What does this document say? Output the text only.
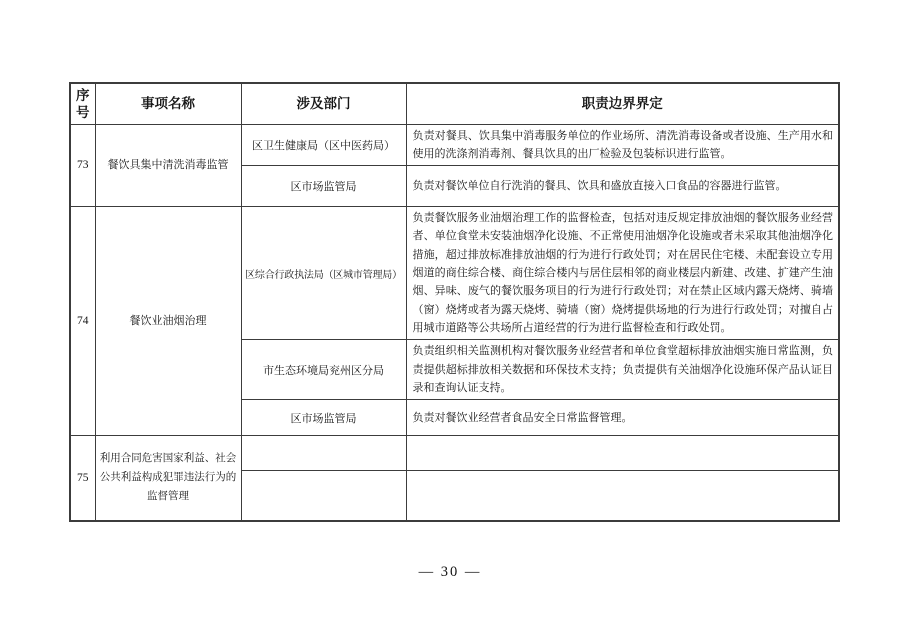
序号	事项名称	涉及部门	职责边界界定
73	餐饮具集中清洗消毒监管	区卫生健康局（区中医药局）	负责对餐具、饮具集中消毒服务单位的作业场所、清洗消毒设备或者设施、生产用水和使用的洗涤剂消毒剂、餐具饮具的出厂检验及包装标识进行监管。
		区市场监管局	负责对餐饮单位自行洗消的餐具、饮具和盛放直接入口食品的容器进行监管。
74	餐饮业油烟治理	区综合行政执法局（区城市管理局）	负责餐饮服务业油烟治理工作的监督检查，包括对违反规定排放油烟的餐饮服务业经营者、单位食堂未安装油烟净化设施、不正常使用油烟净化设施或者未采取其他油烟净化措施，超过排放标准排放油烟的行为进行行政处罚；对在居民住宅楼、未配套设立专用烟道的商住综合楼、商住综合楼内与居住层相邻的商业楼层内新建、改建、扩建产生油烟、异味、废气的餐饮服务项目的行为进行行政处罚；对在禁止区域内露天烧烤、骑墙（窗）烧烤或者为露天烧烤、骑墙（窗）烧烤提供场地的行为进行行政处罚；对擅自占用城市道路等公共场所占道经营的行为进行监督检查和行政处罚。
		市生态环境局兖州区分局	负责组织相关监测机构对餐饮服务业经营者和单位食堂超标排放油烟实施日常监测，负责提供超标排放相关数据和环保技术支持；负责提供有关油烟净化设施环保产品认证目录和查询认证支持。
		区市场监管局	负责对餐饮业经营者食品安全日常监督管理。
75	利用合同危害国家利益、社会公共利益构成犯罪违法行为的监督管理		

— 30 —
